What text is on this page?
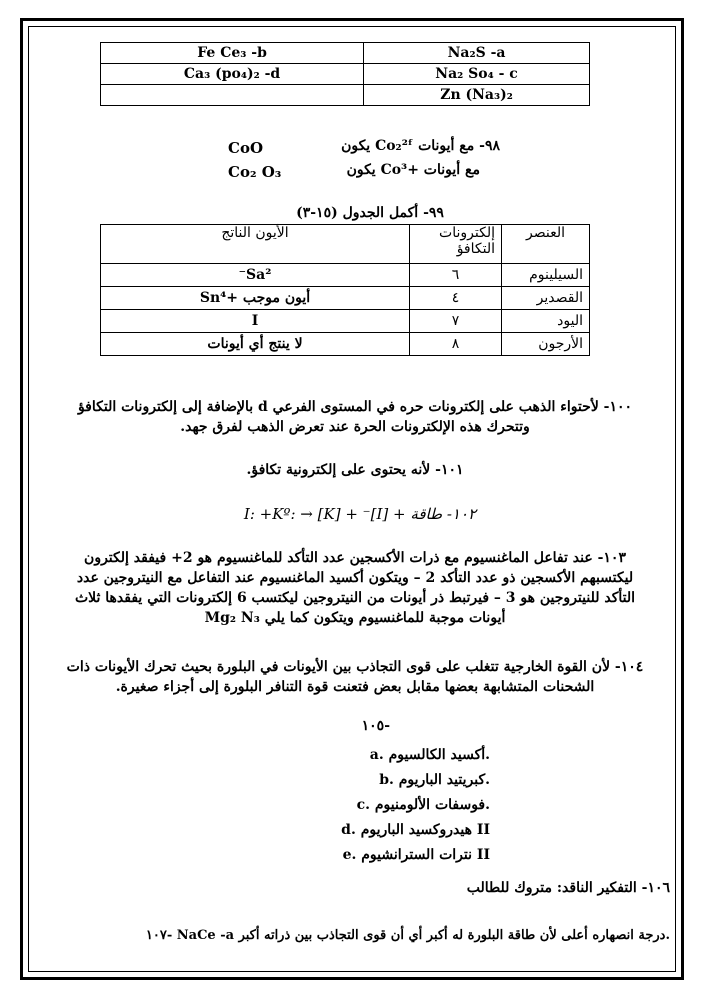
Fe Ce₃ -b	Na₂S -a
Ca₃ (po₄)₂ -d	Na₂ So₄ - c
	Zn (Na₃)₂
CoO	٩٨- مع أيونات Co₂²ᶠ يكون
Co₂ O₃	مع أيونات +Co³ يكون
٩٩- أكمل الجدول (١٥-٣)
العنصر	إلكترونات التكافؤ	الأيون الناتج
السيلينوم	٦	Sa²⁻
القصدير	٤	أيون موجب +Sn⁴
اليود	٧	I
الأرجون	٨	لا ينتج أي أيونات
١٠٠- لأحتواء الذهب على إلكترونات حره في المستوى الفرعي d بالإضافة إلى إلكترونات التكافؤ
وتتحرك هذه الإلكترونات الحرة عند تعرض الذهب لفرق جهد.
١٠١- لأنه يحتوى على إلكترونية تكافؤ.
١٠٢- طاقة + [I]⁻ + [K] → :I: +Kº
١٠٣- عند تفاعل الماغنسيوم مع ذرات الأكسجين عدد التأكد للماغنسيوم هو 2+ فيفقد إلكترون
ليكتسبهم الأكسجين ذو عدد التأكد 2 – ويتكون أكسيد الماغنسيوم عند التفاعل مع النيتروجين عدد
التأكد للنيتروجين هو 3 – فيرتبط ذر أيونات من النيتروجين ليكتسب 6 إلكترونات التي يفقدها ثلاث
أيونات موجبة للماغنسيوم ويتكون كما يلي Mg₂ N₃
١٠٤- لأن القوة الخارجية تتغلب على قوى التجاذب بين الأيونات في البلورة بحيث تحرك الأيونات ذات
الشحنات المتشابهة بعضها مقابل بعض فتعنت قوة التنافر البلورة إلى أجزاء صغيرة.
١٠٥-
a. أكسيد الكالسيوم.
b. كبريتيد الباريوم.
c. فوسفات الألومنيوم.
d. هيدروكسيد الباريوم II
e. نترات السترانشيوم II
١٠٦- التفكير الناقد: متروك للطالب
١٠٧- NaCe -a درجة انصهاره أعلى لأن طاقة البلورة له أكبر أي أن قوى التجاذب بين ذراته أكبر.
